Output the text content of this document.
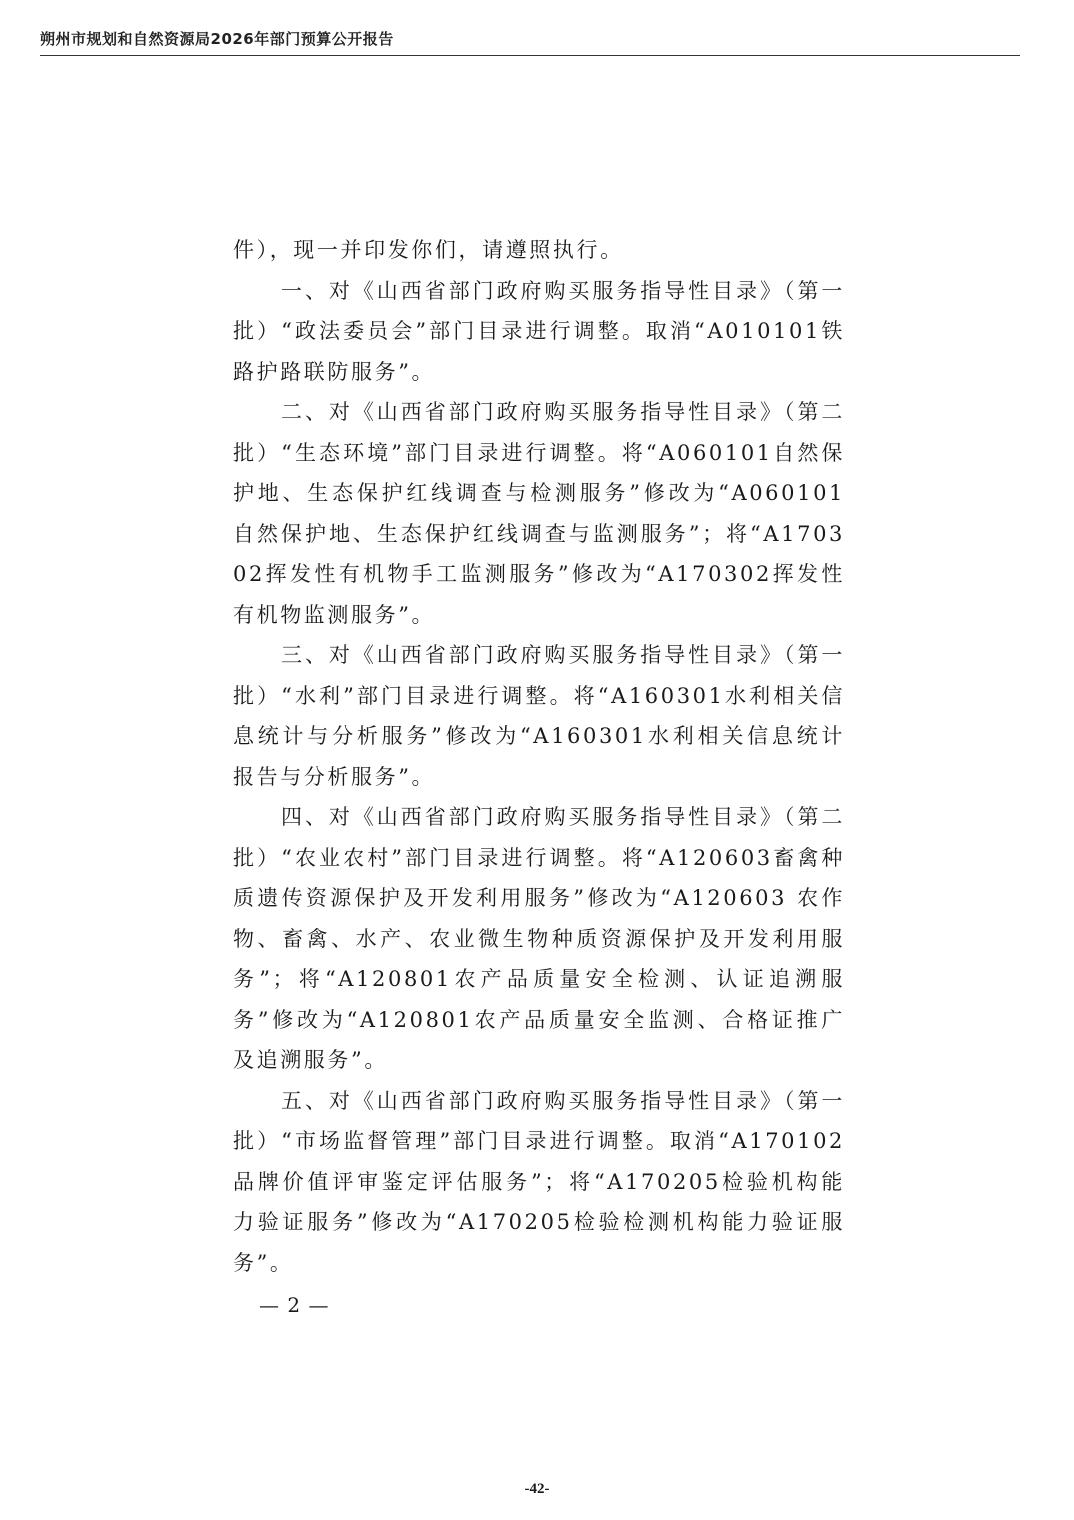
朔州市规划和自然资源局2026年部门预算公开报告

件），现一并印发你们，请遵照执行。

一、对《山西省部门政府购买服务指导性目录》（第一批）“政法委员会”部门目录进行调整。取消“A010101铁路护路联防服务”。

二、对《山西省部门政府购买服务指导性目录》（第二批）“生态环境”部门目录进行调整。将“A060101自然保护地、生态保护红线调查与检测服务”修改为“A060101自然保护地、生态保护红线调查与监测服务”；将“A170302挥发性有机物手工监测服务”修改为“A170302挥发性有机物监测服务”。

三、对《山西省部门政府购买服务指导性目录》（第一批）“水利”部门目录进行调整。将“A160301水利相关信息统计与分析服务”修改为“A160301水利相关信息统计报告与分析服务”。

四、对《山西省部门政府购买服务指导性目录》（第二批）“农业农村”部门目录进行调整。将“A120603畜禽种质遗传资源保护及开发利用服务”修改为“A120603 农作物、畜禽、水产、农业微生物种质资源保护及开发利用服务”；将“A120801农产品质量安全检测、认证追溯服务”修改为“A120801农产品质量安全监测、合格证推广及追溯服务”。

五、对《山西省部门政府购买服务指导性目录》（第一批）“市场监督管理”部门目录进行调整。取消“A170102 品牌价值评审鉴定评估服务”；将“A170205检验机构能力验证服务”修改为“A170205检验检测机构能力验证服务”。

— 2 —
-42-
